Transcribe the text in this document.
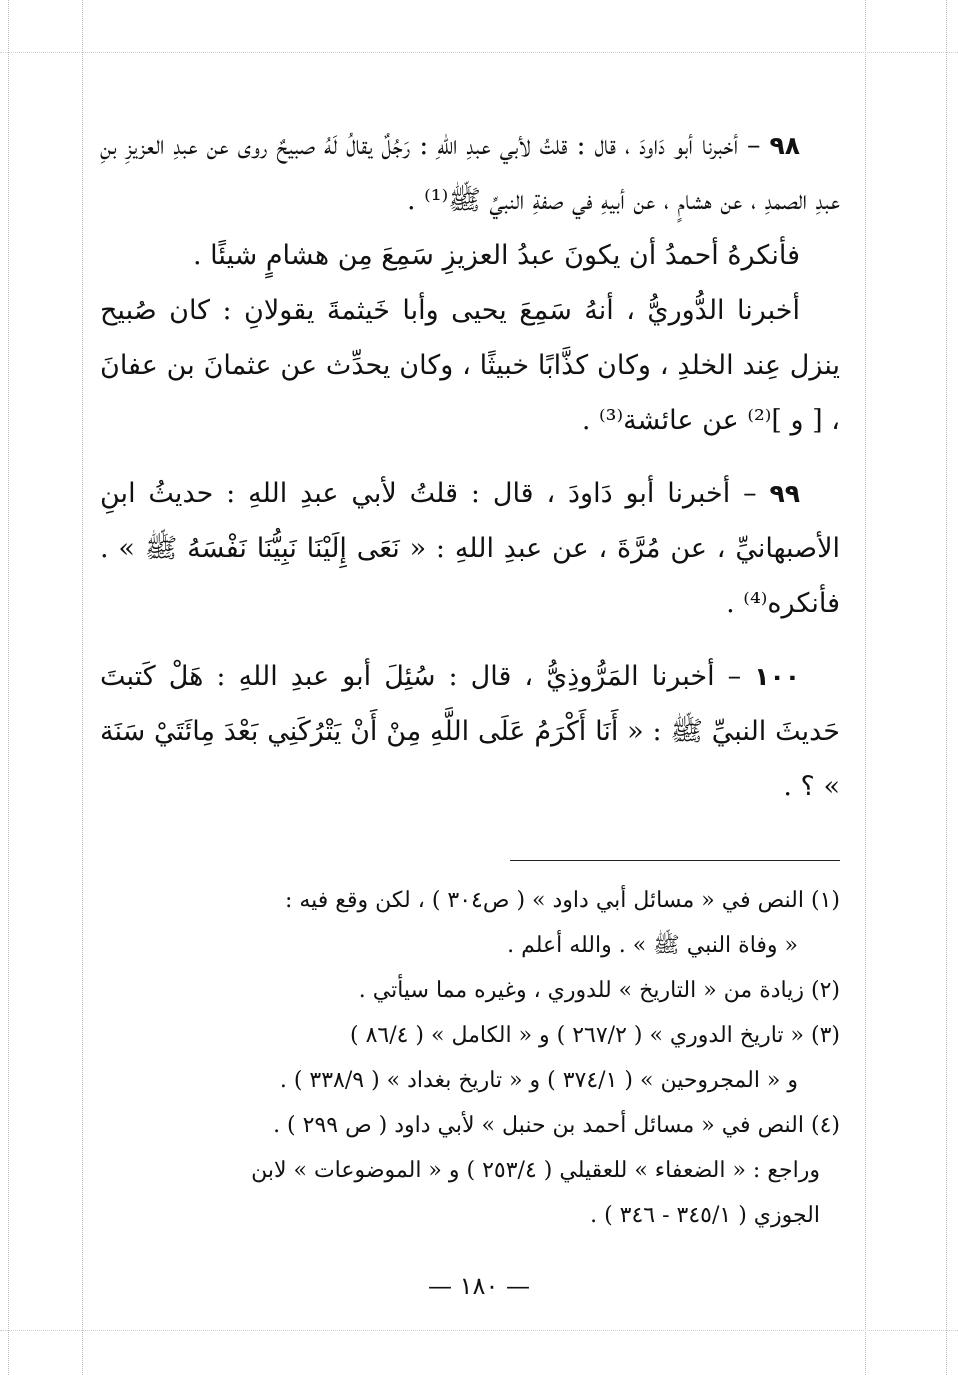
٩٨ – أخبرنا أبو دَاودَ ، قال : قلتُ لأبي عبدِ اللهِ : رَجُلٌ يقالُ لَهُ صبيحٌ روى عن عبدِ العزيزِ بنِ عبدِ الصمدِ ، عن هشامٍ ، عن أبيهِ في صفةِ النبيِّ ﷺ⁽¹⁾ .

فأنكرهُ أحمدُ أن يكونَ عبدُ العزيزِ سَمِعَ مِن هشامٍ شيئًا .

أخبرنا الدُّوريُّ ، أنهُ سَمِعَ يحيى وأبا خَيثمةَ يقولانِ : كان صُبيح ينزل عِند الخلدِ ، وكان كذَّابًا خبيثًا ، وكان يحدِّث عن عثمانَ بن عفانَ ، [ و ]⁽²⁾ عن عائشة⁽³⁾ .

٩٩ – أخبرنا أبو دَاودَ ، قال : قلتُ لأبي عبدِ اللهِ : حديثُ ابنِ الأصبهانيِّ ، عن مُرَّةَ ، عن عبدِ اللهِ : « نَعَى إِلَيْنَا نَبِيُّنَا نَفْسَهُ ﷺ » . فأنكره⁽⁴⁾ .

١٠٠ – أخبرنا المَرُّوذِيُّ ، قال : سُئِلَ أبو عبدِ اللهِ : هَلْ كَتبتَ حَديثَ النبيِّ ﷺ : « أَنَا أَكْرَمُ عَلَى اللَّهِ مِنْ أَنْ يَتْرُكَنِي بَعْدَ مِائَتَيْ سَنَة » ؟ .

(١) النص في « مسائل أبي داود » ( ص٣٠٤ ) ، لكن وقع فيه :
« وفاة النبي ﷺ » . والله أعلم .

(٢) زيادة من « التاريخ » للدوري ، وغيره مما سيأتي .

(٣) « تاريخ الدوري » ( ٢٦٧/٢ ) و « الكامل » ( ٨٦/٤ )
و « المجروحين » ( ٣٧٤/١ ) و « تاريخ بغداد » ( ٣٣٨/٩ ) .

(٤) النص في « مسائل أحمد بن حنبل » لأبي داود ( ص ٢٩٩ ) .

وراجع : « الضعفاء » للعقيلي ( ٢٥٣/٤ ) و « الموضوعات » لابن
الجوزي ( ٣٤٥/١ - ٣٤٦ ) .

— ١٨٠ —
